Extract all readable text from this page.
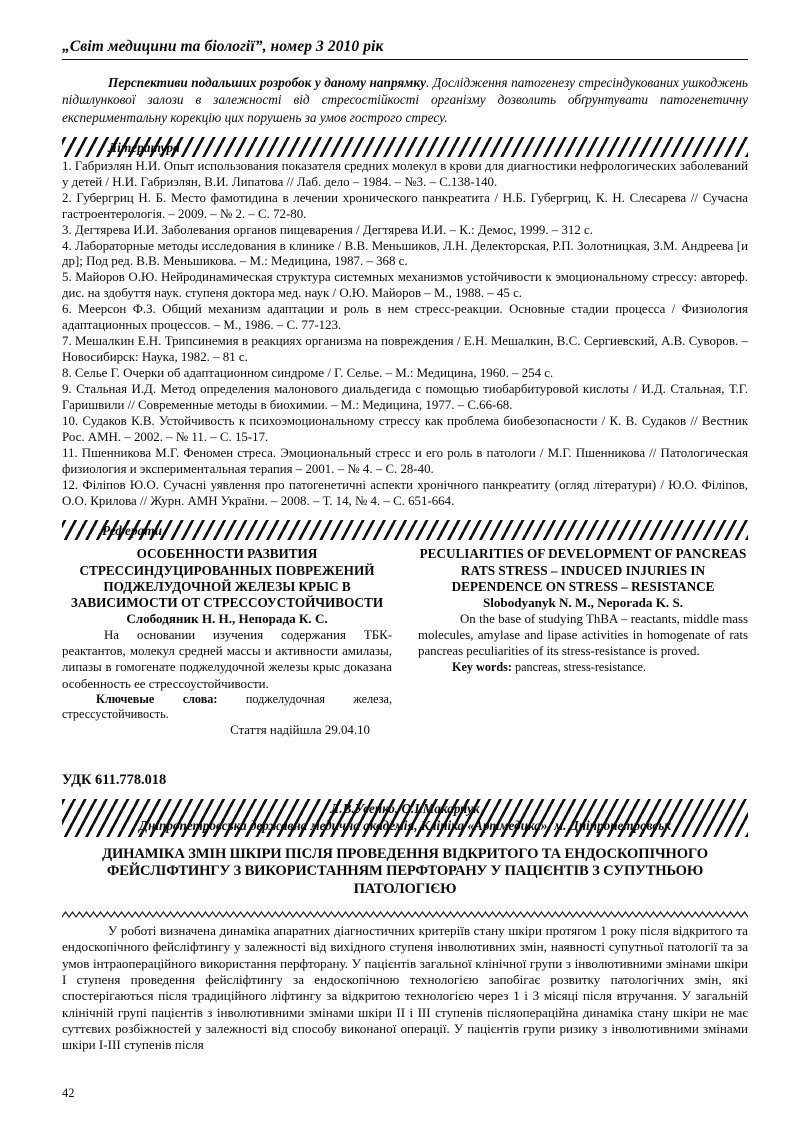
„Світ медицини та біології”, номер 3 2010 рік

Перспективи подальших розробок у даному напрямку. Дослідження патогенезу стресіндукованих ушкоджень підшлункової залози в залежності від стресостійкості організму дозволить обґрунтувати патогенетичну експериментальну корекцію цих порушень за умов гострого стресу.

Література
1. Габриэлян Н.И. Опыт использования показателя средних молекул в крови для диагностики нефрологических заболеваний у детей / Н.И. Габриэлян, В.И. Липатова // Лаб. дело – 1984. – №3. – С.138-140.
2. Губергриц Н. Б. Место фамотидина в лечении хронического панкреатита / Н.Б. Губергриц, К. Н. Слесарева // Сучасна гастроентерологія. – 2009. – № 2. – С. 72-80.
3. Дегтярева И.И. Заболевания органов пищеварения / Дегтярева И.И. – К.: Демос, 1999. – 312 с.
4. Лабораторные методы исследования в клинике / В.В. Меньшиков, Л.Н. Делекторская, Р.П. Золотницкая, З.М. Андреева [и др]; Под ред. В.В. Меньшикова. – М.: Медицина, 1987. – 368 с.
5. Майоров О.Ю. Нейродинамическая структура системных механизмов устойчивости к эмоциональному стрессу: автореф. дис. на здобуття наук. ступеня доктора мед. наук / О.Ю. Майоров – М., 1988. – 45 с.
6. Меерсон Ф.З. Общий механизм адаптации и роль в нем стресс-реакции. Основные стадии процесса / Физиология адаптационных процессов. – М., 1986. – С. 77-123.
7. Мешалкин Е.Н. Трипсинемия в реакциях организма на повреждения / Е.Н. Мешалкин, В.С. Сергиевский, А.В. Суворов. – Новосибирск: Наука, 1982. – 81 с.
8. Селье Г. Очерки об адаптационном синдроме / Г. Селье. – М.: Медицина, 1960. – 254 с.
9. Стальная И.Д. Метод определения малонового диальдегида с помощью тиобарбитуровой кислоты / И.Д. Стальная, Т.Г. Гаришвили // Современные методы в биохимии. – М.: Медицина, 1977. – С.66-68.
10. Судаков К.В. Устойчивость к психоэмоциональному стрессу как проблема биобезопасности / К. В. Судаков // Вестник Рос. АМН. – 2002. – № 11. – С. 15-17.
11. Пшенникова М.Г. Феномен стреса. Эмоциональный стресс и его роль в патологи / М.Г. Пшенникова // Патологическая физиология и экспериментальная терапия – 2001. – № 4. – С. 28-40.
12. Філіпов Ю.О. Сучасні уявлення про патогенетичні аспекти хронічного панкреатиту (огляд літератури) / Ю.О. Філіпов, О.О. Крилова // Журн. АМН України. – 2008. – Т. 14, № 4. – С. 651-664.
Реферати
ОСОБЕННОСТИ РАЗВИТИЯ СТРЕССИНДУЦИРОВАННЫХ ПОВРЕЖЕНИЙ ПОДЖЕЛУДОЧНОЙ ЖЕЛЕЗЫ КРЫС В ЗАВИСИМОСТИ ОТ СТРЕССОУСТОЙЧИВОСТИ
Слободяник Н. Н., Непорада К. С.

На основании изучения содержания ТБК-реактантов, молекул средней массы и активности амилазы, липазы в гомогенате поджелудочной железы крыс доказана особенность ее стрессоустойчивости.

Ключевые слова: поджелудочная железа, стрессустойчивость.

Стаття надійшла 29.04.10

PECULIARITIES OF DEVELOPMENT OF PANCREAS RATS STRESS – INDUCED INJURIES IN DEPENDENCE ON STRESS – RESISTANCE
Slobodyanyk N. M., Neporada K. S.

On the base of studying ThBA – reactants, middle mass molecules, amylase and lipase activities in homogenate of rats pancreas peculiarities of its stress-resistance is proved.

Key words: pancreas, stress-resistance.

УДК 611.778.018
Л.В.Усенко, О.І.Макарчук
Дніпропетровська державна медична академія, Клініка «Артмедика», м. Дніпропетровськ
ДИНАМІКА ЗМІН ШКІРИ ПІСЛЯ ПРОВЕДЕННЯ ВІДКРИТОГО ТА ЕНДОСКОПІЧНОГО ФЕЙСЛІФТИНГУ З ВИКОРИСТАННЯМ ПЕРФТОРАНУ У ПАЦІЄНТІВ З СУПУТНЬОЮ ПАТОЛОГІЄЮ

У роботі визначена динаміка апаратних діагностичних критеріїв стану шкіри протягом 1 року після відкритого та ендоскопічного фейсліфтингу у залежності від вихідного ступеня інволютивних змін, наявності супутньої патології та за умов інтраопераційного використання перфторану. У пацієнтів загальної клінічної групи з інволютивними змінами шкіри I ступеня проведення фейсліфтингу за ендоскопічною технологією запобігає розвитку патологічних змін, які спостерігаються після традиційного ліфтингу за відкритою технологією через 1 і 3 місяці після втручання. У загальній клінічній групі пацієнтів з інволютивними змінами шкіри II і III ступенів післяопераційна динаміка стану шкіри не має суттєвих розбіжностей у залежності від способу виконаної операції. У пацієнтів групи ризику з інволютивними змінами шкіри I-III ступенів після

42
